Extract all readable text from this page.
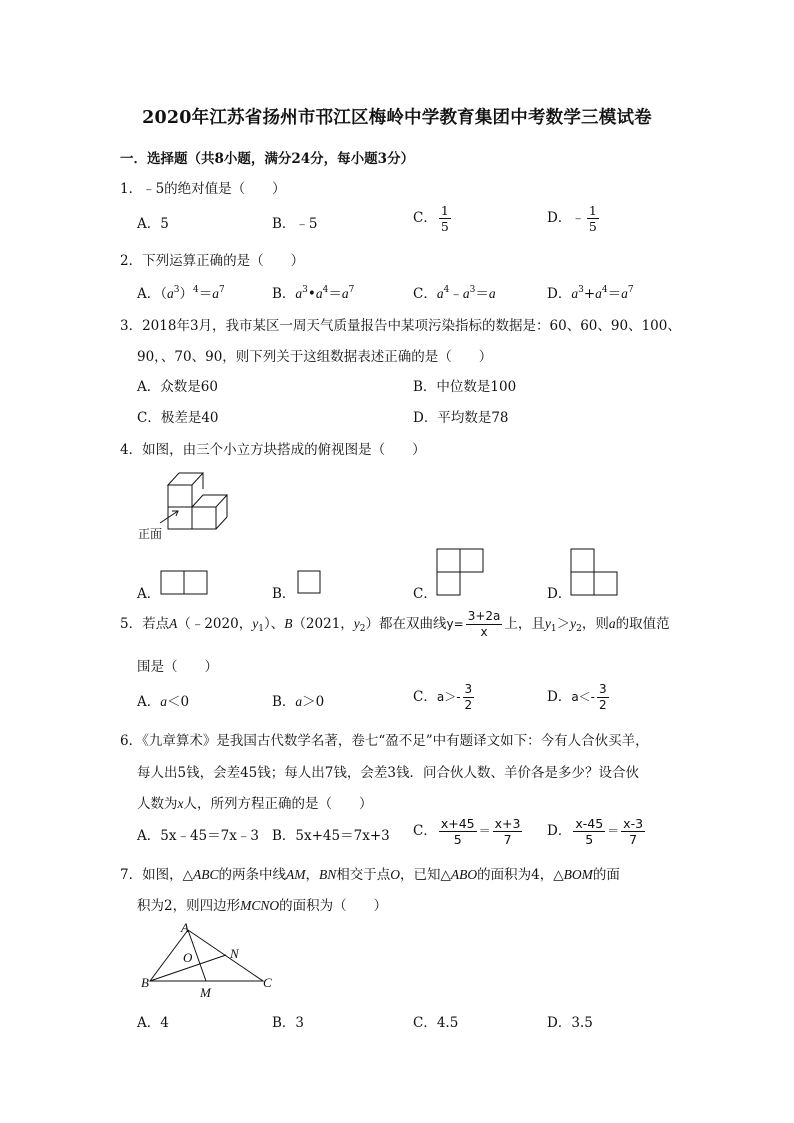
2020年江苏省扬州市邗江区梅岭中学教育集团中考数学三模试卷
一．选择题（共8小题，满分24分，每小题3分）
1．﹣5的绝对值是（　　）
A．5	B．﹣5	C． $\frac{1}{5}$	D．﹣ $\frac{1}{5}$
2．下列运算正确的是（　　）
A．$(a^3)^4=a^7$	B．$a^3•a^4=a^7$	C．$a^4﹣a^3=a$	D．$a^3+a^4=a^7$
3．2018年3月，我市某区一周天气质量报告中某项污染指标的数据是：60、60、90、100、
90，、70、90，则下列关于这组数据表述正确的是（　　）
A．众数是60	B．中位数是100
C．极差是40	D．平均数是78
4．如图，由三个小立方块搭成的俯视图是（　　）
正面
A．	B．	C．	D．
5．若点A（﹣2020，$y_1$）、B（2021，$y_2$）都在双曲线$y= \frac{3+2a}{x}$ 上，且$y_1>y_2$，则a的取值范
围是（　　）
A．a＜0	B．a＞0	C．$a>- \frac{3}{2}$	D．$a<- \frac{3}{2}$
6．《九章算术》是我国古代数学名著，卷七“盈不足”中有题译文如下：今有人合伙买羊，
每人出5钱，会差45钱；每人出7钱，会差3钱．问合伙人数、羊价各是多少？设合伙
人数为x人，所列方程正确的是（　　）
A．5x﹣45＝7x﹣3 B．5x+45＝7x+3 C． $\frac{x+45}{5} = \frac{x+3}{7}$ D． $\frac{x-45}{5} = \frac{x-3}{7}$
7．如图，△ABC的两条中线AM，BN相交于点O，已知△ABO的面积为4，△BOM的面
积为2，则四边形MCNO的面积为（　　）
A
B	C
M
N
O
A．4	B．3	C．4.5	D．3.5
